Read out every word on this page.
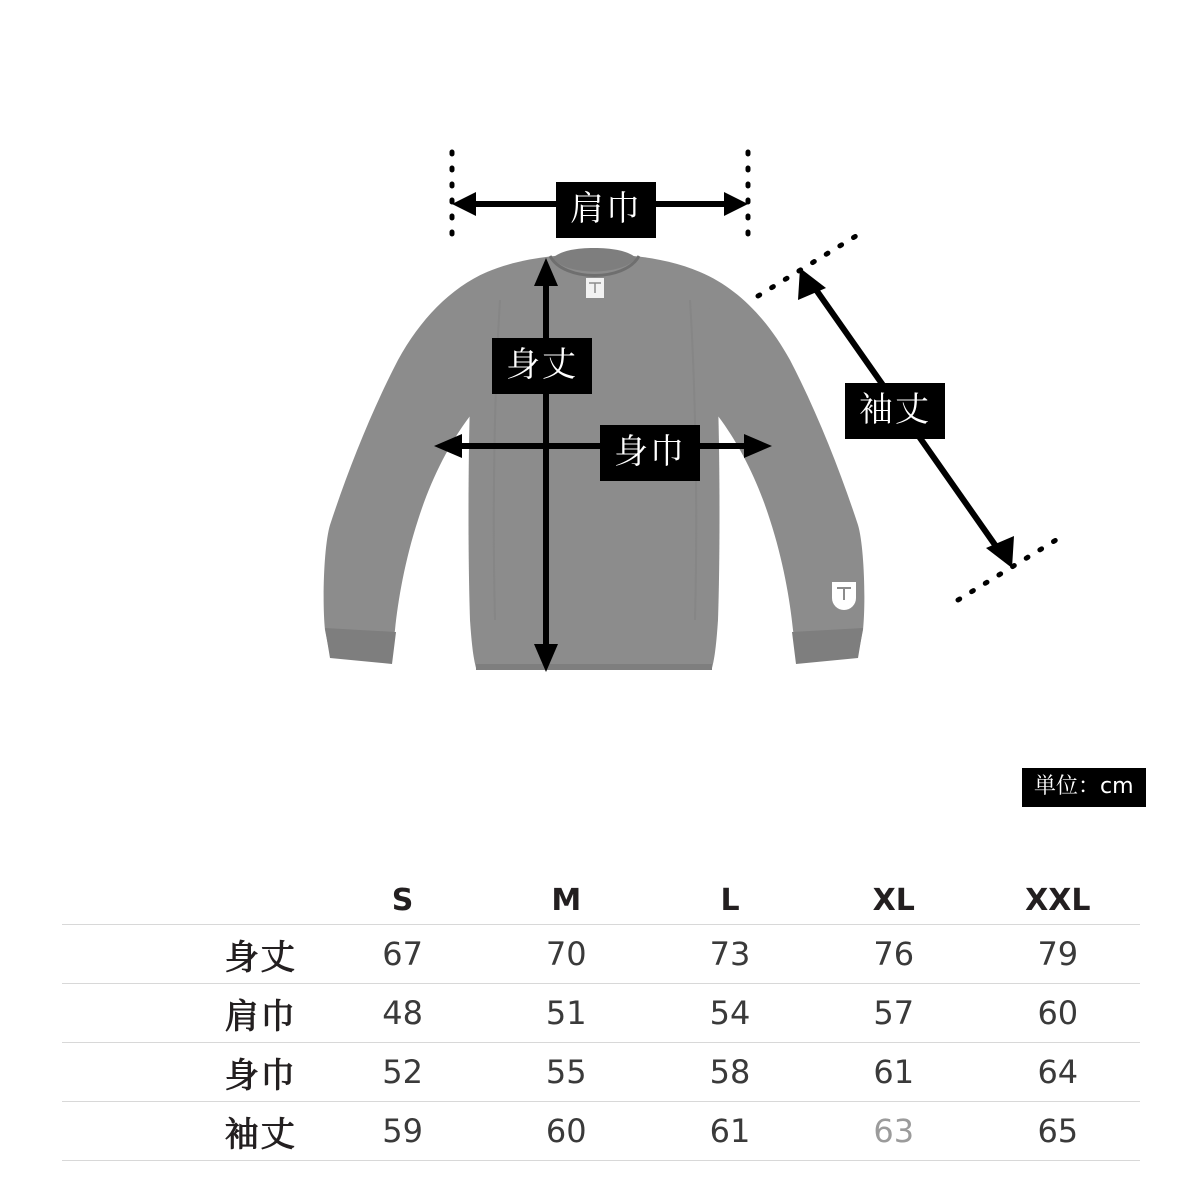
肩巾
身丈
身巾
袖丈
単位：cm
	S	M	L	XL	XXL
身丈	67	70	73	76	79
肩巾	48	51	54	57	60
身巾	52	55	58	61	64
袖丈	59	60	61	63	65
